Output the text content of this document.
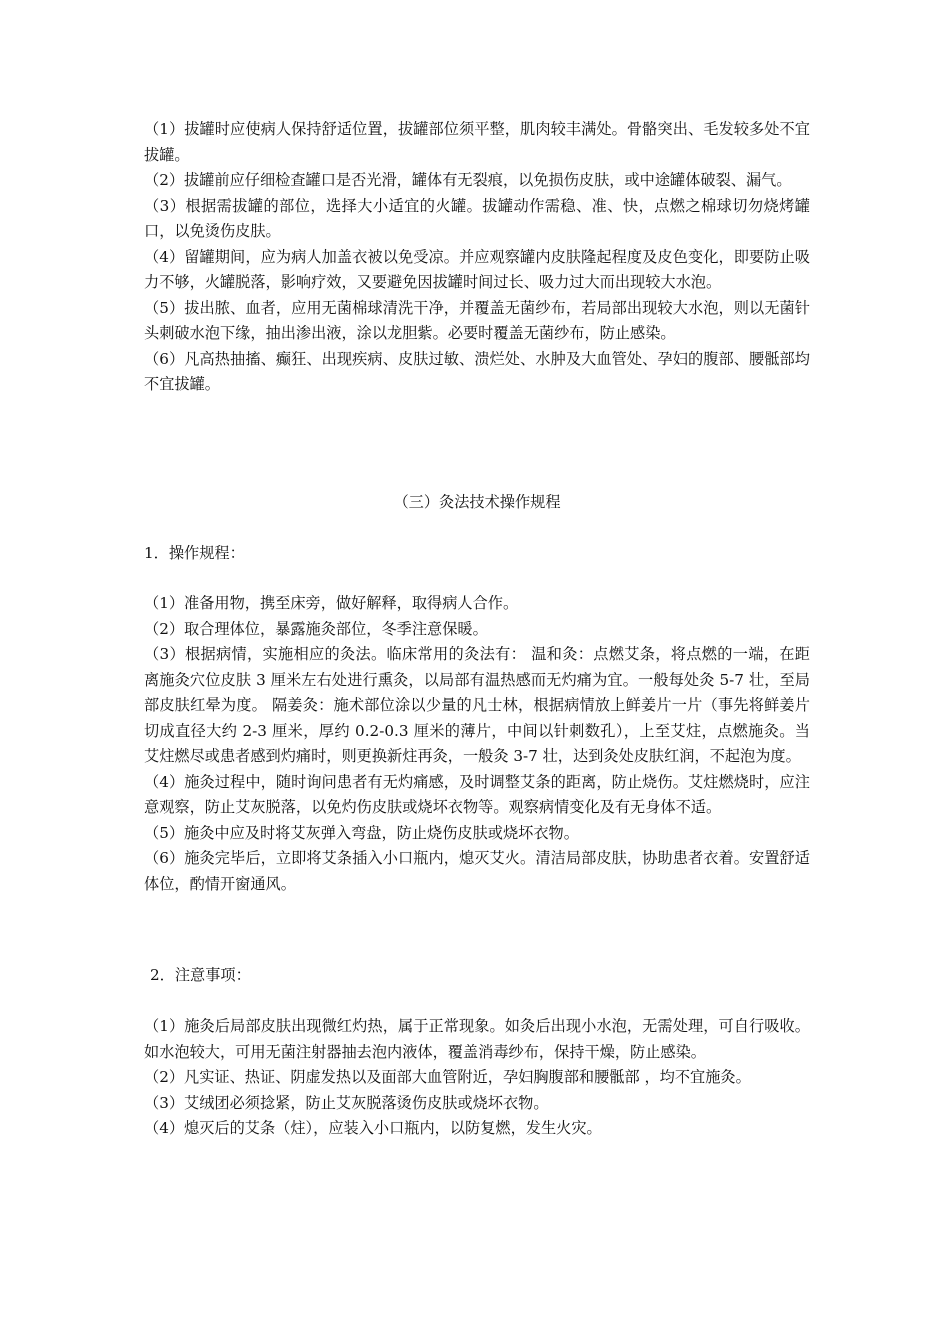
（1）拔罐时应使病人保持舒适位置，拔罐部位须平整，肌肉较丰满处。骨骼突出、毛发较多处不宜拔罐。

（2）拔罐前应仔细检查罐口是否光滑，罐体有无裂痕，以免损伤皮肤，或中途罐体破裂、漏气。

（3）根据需拔罐的部位，选择大小适宜的火罐。拔罐动作需稳、准、快，点燃之棉球切勿烧烤罐口，以免烫伤皮肤。

（4）留罐期间，应为病人加盖衣被以免受凉。并应观察罐内皮肤隆起程度及皮色变化，即要防止吸力不够，火罐脱落，影响疗效，又要避免因拔罐时间过长、吸力过大而出现较大水泡。

（5）拔出脓、血者，应用无菌棉球清洗干净，并覆盖无菌纱布，若局部出现较大水泡，则以无菌针头刺破水泡下缘，抽出渗出液，涂以龙胆紫。必要时覆盖无菌纱布，防止感染。

（6）凡高热抽搐、癫狂、出现疾病、皮肤过敏、溃烂处、水肿及大血管处、孕妇的腹部、腰骶部均不宜拔罐。

（三）灸法技术操作规程

1．操作规程：

（1）准备用物，携至床旁，做好解释，取得病人合作。

（2）取合理体位，暴露施灸部位，冬季注意保暖。

（3）根据病情，实施相应的灸法。临床常用的灸法有： 温和灸：点燃艾条，将点燃的一端，在距离施灸穴位皮肤 3 厘米左右处进行熏灸，以局部有温热感而无灼痛为宜。一般每处灸 5-7 壮，至局部皮肤红晕为度。 隔姜灸：施术部位涂以少量的凡士林，根据病情放上鲜姜片一片（事先将鲜姜片切成直径大约 2-3 厘米，厚约 0.2-0.3 厘米的薄片，中间以针刺数孔），上至艾炷，点燃施灸。当艾炷燃尽或患者感到灼痛时，则更换新炷再灸，一般灸 3-7 壮，达到灸处皮肤红润，不起泡为度。

（4）施灸过程中，随时询问患者有无灼痛感，及时调整艾条的距离，防止烧伤。艾炷燃烧时，应注意观察，防止艾灰脱落，以免灼伤皮肤或烧坏衣物等。观察病情变化及有无身体不适。

（5）施灸中应及时将艾灰弹入弯盘，防止烧伤皮肤或烧坏衣物。

（6）施灸完毕后，立即将艾条插入小口瓶内，熄灭艾火。清洁局部皮肤，协助患者衣着。安置舒适体位，酌情开窗通风。

2．注意事项：

（1）施灸后局部皮肤出现微红灼热，属于正常现象。如灸后出现小水泡，无需处理，可自行吸收。如水泡较大，可用无菌注射器抽去泡内液体，覆盖消毒纱布，保持干燥，防止感染。

（2）凡实证、热证、阴虚发热以及面部大血管附近，孕妇胸腹部和腰骶部 ，均不宜施灸。

（3）艾绒团必须捻紧，防止艾灰脱落烫伤皮肤或烧坏衣物。

（4）熄灭后的艾条（炷），应装入小口瓶内，以防复燃，发生火灾。
